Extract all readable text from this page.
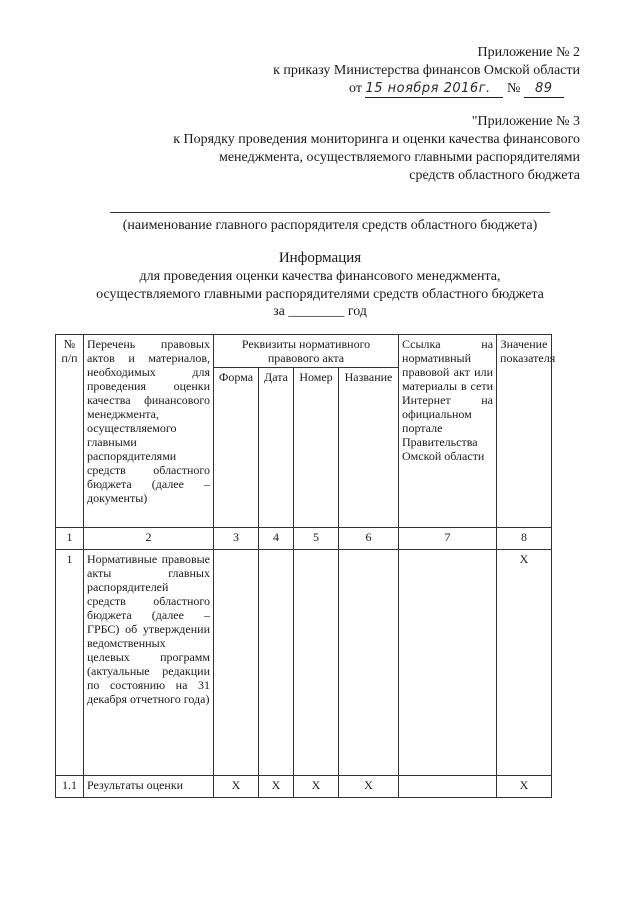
Приложение № 2
к приказу Министерства финансов Омской области
от 15 ноября 2016г. № 89
"Приложение № 3
к Порядку проведения мониторинга и оценки качества финансового
менеджмента, осуществляемого главными распорядителями
средств областного бюджета
(наименование главного распорядителя средств областного бюджета)
Информация
для проведения оценки качества финансового менеджмента,
осуществляемого главными распорядителями средств областного бюджета
за ________ год
№ п/п	Перечень правовых актов и материалов, необходимых для проведения оценки качества финансового менеджмента, осуществляемого главными распорядителями средств областного бюджета (далее – документы)	Реквизиты нормативного правового акта				Ссылка на нормативный правовой акт или материалы в сети Интернет на официальном портале Правительства Омской области	Значение показателя
		Форма	Дата	Номер	Название		
1	2	3	4	5	6	7	8
1	Нормативные правовые акты главных распорядителей средств областного бюджета (далее – ГРБС) об утверждении ведомственных целевых программ (актуальные редакции по состоянию на 31 декабря отчетного года)						X
1.1	Результаты оценки	X	X	X	X		X
